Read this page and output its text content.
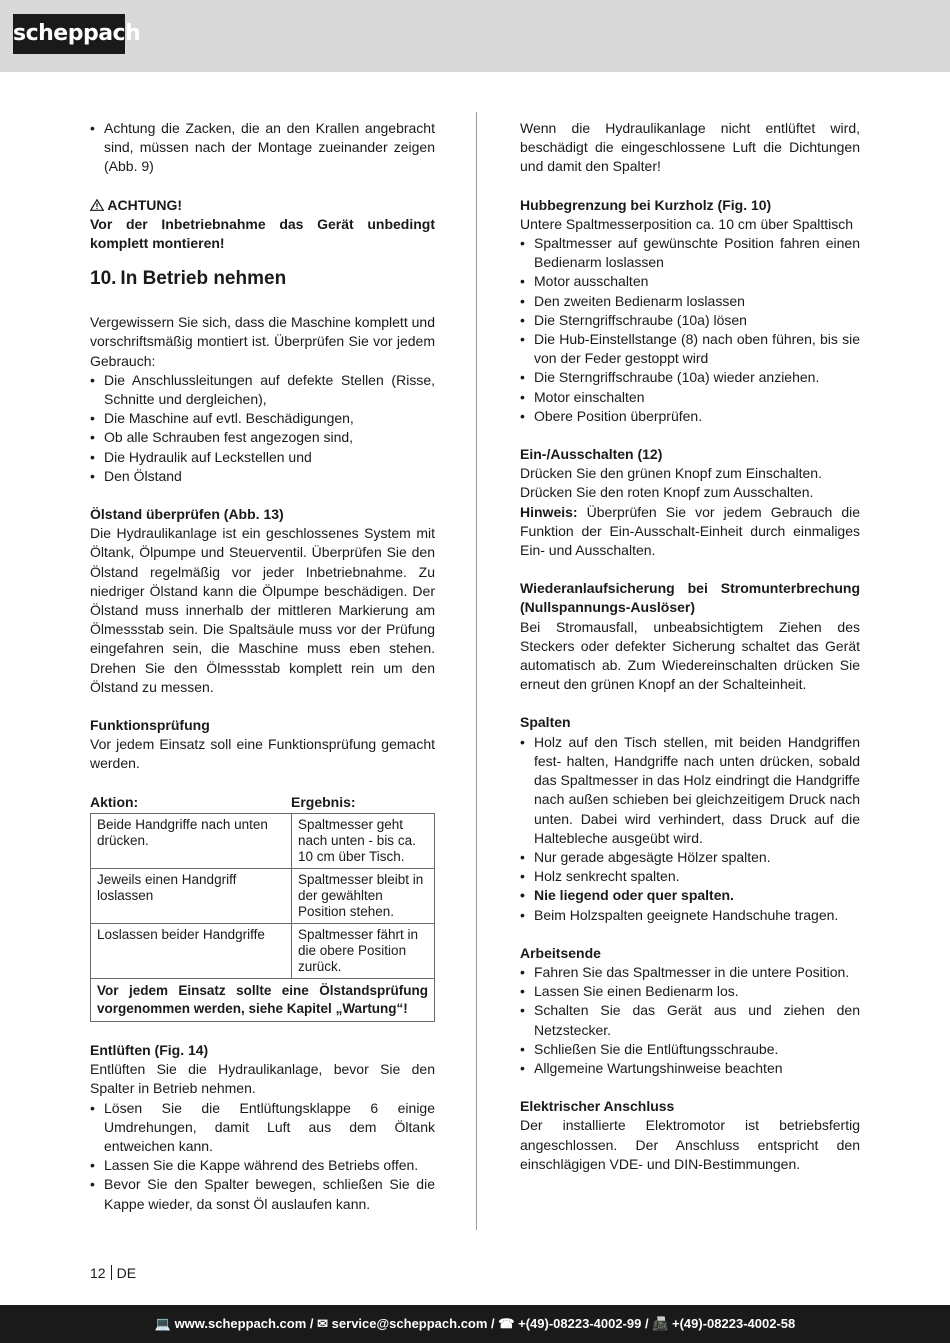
scheppach
• Achtung die Zacken, die an den Krallen angebracht sind, müssen nach der Montage zueinander zeigen (Abb. 9)

ACHTUNG!

Vor der Inbetriebnahme das Gerät unbedingt komplett montieren!

10. In Betrieb nehmen

Vergewissern Sie sich, dass die Maschine komplett und vorschriftsmäßig montiert ist. Überprüfen Sie vor jedem Gebrauch:

• Die Anschlussleitungen auf defekte Stellen (Risse, Schnitte und dergleichen),
• Die Maschine auf evtl. Beschädigungen,
• Ob alle Schrauben fest angezogen sind,
• Die Hydraulik auf Leckstellen und
• Den Ölstand

Ölstand überprüfen (Abb. 13)

Die Hydraulikanlage ist ein geschlossenes System mit Öltank, Ölpumpe und Steuerventil. Überprüfen Sie den Ölstand regelmäßig vor jeder Inbetriebnahme. Zu niedriger Ölstand kann die Ölpumpe beschädigen. Der Ölstand muss innerhalb der mittleren Markierung am Ölmessstab sein. Die Spaltsäule muss vor der Prüfung eingefahren sein, die Maschine muss eben stehen. Drehen Sie den Ölmessstab komplett rein um den Ölstand zu messen.

Funktionsprüfung

Vor jedem Einsatz soll eine Funktionsprüfung gemacht werden.

Aktion:	Ergebnis:
Beide Handgriffe nach unten drücken.	Spaltmesser geht nach unten - bis ca. 10 cm über Tisch.
Jeweils einen Handgriff loslassen	Spaltmesser bleibt in der gewählten Position stehen.
Loslassen beider Handgriffe	Spaltmesser fährt in die obere Position zurück.
Vor jedem Einsatz sollte eine Ölstandsprüfung vorgenommen werden, siehe Kapitel „Wartung“!	

Entlüften (Fig. 14)

Entlüften Sie die Hydraulikanlage, bevor Sie den Spalter in Betrieb nehmen.

• Lösen Sie die Entlüftungsklappe 6 einige Umdrehungen, damit Luft aus dem Öltank entweichen kann.
• Lassen Sie die Kappe während des Betriebs offen.
• Bevor Sie den Spalter bewegen, schließen Sie die Kappe wieder, da sonst Öl auslaufen kann.

Wenn die Hydraulikanlage nicht entlüftet wird, beschädigt die eingeschlossene Luft die Dichtungen und damit den Spalter!

Hubbegrenzung bei Kurzholz (Fig. 10)

Untere Spaltmesserposition ca. 10 cm über Spalttisch

• Spaltmesser auf gewünschte Position fahren einen Bedienarm loslassen
• Motor ausschalten
• Den zweiten Bedienarm loslassen
• Die Sterngriffschraube (10a) lösen
• Die Hub-Einstellstange (8) nach oben führen, bis sie von der Feder gestoppt wird
• Die Sterngriffschraube (10a) wieder anziehen.
• Motor einschalten
• Obere Position überprüfen.

Ein-/Ausschalten (12)

Drücken Sie den grünen Knopf zum Einschalten.

Drücken Sie den roten Knopf zum Ausschalten.

Hinweis: Überprüfen Sie vor jedem Gebrauch die Funktion der Ein-Ausschalt-Einheit durch einmaliges Ein- und Ausschalten.

Wiederanlaufsicherung bei Stromunterbrechung (Nullspannungs-Auslöser)

Bei Stromausfall, unbeabsichtigtem Ziehen des Steckers oder defekter Sicherung schaltet das Gerät automatisch ab. Zum Wiedereinschalten drücken Sie erneut den grünen Knopf an der Schalteinheit.

Spalten

• Holz auf den Tisch stellen, mit beiden Handgriffen fest- halten, Handgriffe nach unten drücken, sobald das Spaltmesser in das Holz eindringt die Handgriffe nach außen schieben bei gleichzeitigem Druck nach unten. Dabei wird verhindert, dass Druck auf die Haltebleche ausgeübt wird.
• Nur gerade abgesägte Hölzer spalten.
• Holz senkrecht spalten.
• Nie liegend oder quer spalten.
• Beim Holzspalten geeignete Handschuhe tragen.

Arbeitsende

• Fahren Sie das Spaltmesser in die untere Position.
• Lassen Sie einen Bedienarm los.
• Schalten Sie das Gerät aus und ziehen den Netzstecker.
• Schließen Sie die Entlüftungsschraube.
• Allgemeine Wartungshinweise beachten

Elektrischer Anschluss

Der installierte Elektromotor ist betriebsfertig angeschlossen. Der Anschluss entspricht den einschlägigen VDE- und DIN-Bestimmungen.

12 DE
💻 www.scheppach.com / ✉ service@scheppach.com / ☎ +(49)-08223-4002-99 / 📠 +(49)-08223-4002-58
